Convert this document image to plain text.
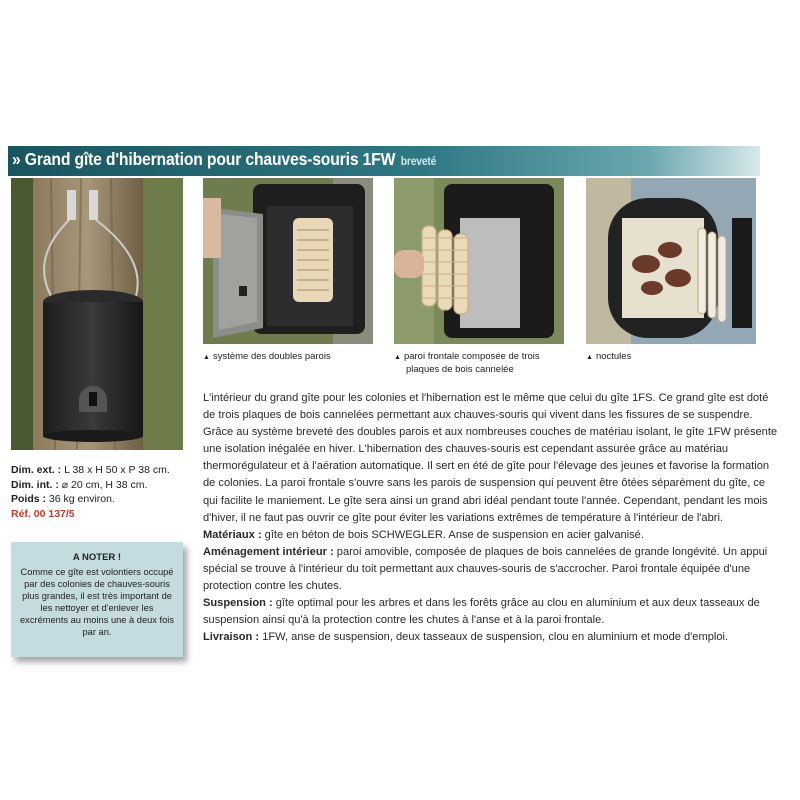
» Grand gîte d'hibernation pour chauves-souris 1FW breveté
▲ système des doubles parois	▲ paroi frontale composée de trois
plaques de bois cannelée
▲ noctules
Dim. ext. : L 38 x H 50 x P 38 cm.
Dim. int. : ⌀ 20 cm, H 38 cm.
Poids : 36 kg environ.
Réf. 00 137/5
A NOTER !
Comme ce gîte est volontiers occupé par des colonies de chauves-souris plus grandes, il est très important de les nettoyer et d'enlever les excréments au moins une à deux fois par an.

L'intérieur du grand gîte pour les colonies et l'hibernation est le même que celui du gîte 1FS. Ce grand gîte est doté de trois plaques de bois cannelées permettant aux chauves-souris qui vivent dans les fissures de se suspendre. Grâce au système breveté des doubles parois et aux nombreuses couches de matériau isolant, le gîte 1FW présente une isolation inégalée en hiver. L'hibernation des chauves-souris est cependant assurée grâce au matériau thermorégulateur et à l'aération automatique. Il sert en été de gîte pour l'élevage des jeunes et favorise la formation de colonies. La paroi frontale s'ouvre sans les parois de suspension qui peuvent être ôtées séparément du gîte, ce qui facilite le maniement. Le gîte sera ainsi un grand abri idéal pendant toute l'année. Cependant, pendant les mois d'hiver, il ne faut pas ouvrir ce gîte pour éviter les variations extrêmes de température à l'intérieur de l'abri.

Matériaux : gîte en béton de bois SCHWEGLER. Anse de suspension en acier galvanisé.

Aménagement intérieur : paroi amovible, composée de plaques de bois cannelées de grande longévité. Un appui spécial se trouve à l'intérieur du toit permettant aux chauves-souris de s'accrocher. Paroi frontale équipée d'une protection contre les chutes.

Suspension : gîte optimal pour les arbres et dans les forêts grâce au clou en aluminium et aux deux tasseaux de suspension ainsi qu'à la protection contre les chutes à l'anse et à la paroi frontale.

Livraison : 1FW, anse de suspension, deux tasseaux de suspension, clou en aluminium et mode d'emploi.
